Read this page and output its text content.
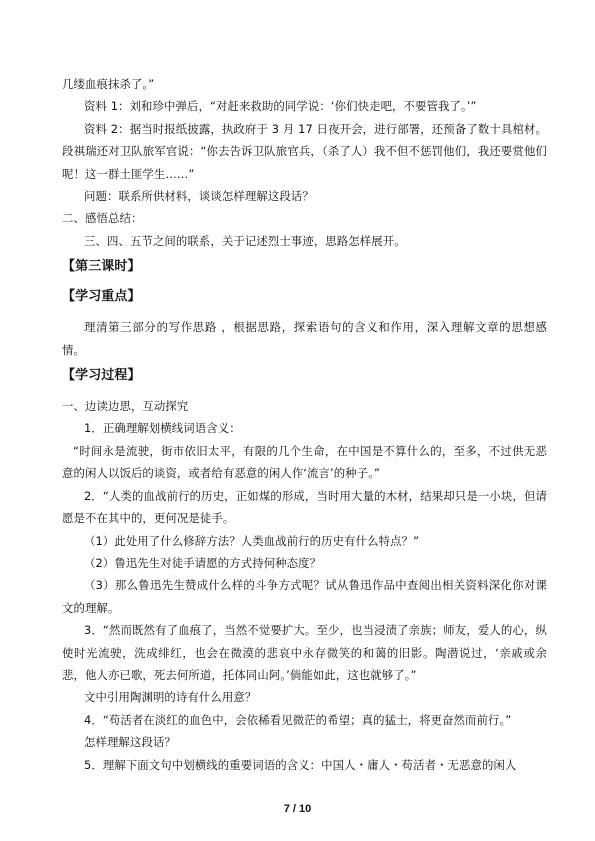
几缕血痕抹杀了。”

资料 1：刘和珍中弹后，“对赶来救助的同学说：‘你们快走吧，不要管我了。’”

资料 2：据当时报纸披露，执政府于 3 月 17 日夜开会，进行部署，还预备了数十具棺材。段祺瑞还对卫队旅军官说：“你去告诉卫队旅官兵，（杀了人）我不但不惩罚他们，我还要赏他们呢！这一群土匪学生……”

问题：联系所供材料，谈谈怎样理解这段话？

二、感悟总结：

三、四、五节之间的联系，关于记述烈士事迹，思路怎样展开。

【第三课时】

【学习重点】

理清第三部分的写作思路 ，根据思路，探索语句的含义和作用，深入理解文章的思想感情。

【学习过程】

一、边读边思，互动探究

1．正确理解划横线词语含义：

“时间永是流驶，街市依旧太平，有限的几个生命，在中国是不算什么的，至多，不过供无恶意的闲人以饭后的谈资，或者给有恶意的闲人作‘流言’的种子。”

2．“人类的血战前行的历史，正如煤的形成，当时用大量的木材，结果却只是一小块，但请愿是不在其中的，更何况是徒手。

（1）此处用了什么修辞方法？人类血战前行的历史有什么特点？”

（2）鲁迅先生对徒手请愿的方式持何种态度？

（3）那么鲁迅先生赞成什么样的斗争方式呢？试从鲁迅作品中查阅出相关资料深化你对课文的理解。

3．“然而既然有了血痕了，当然不觉要扩大。至少，也当浸渍了亲族；师友，爱人的心，纵使时光流驶，洗成绯红，也会在微漠的悲哀中永存微笑的和蔼的旧影。陶潜说过，‘亲戚或余悲，他人亦已歌，死去何所道，托体同山阿。’倘能如此，这也就够了。”

文中引用陶渊明的诗有什么用意？

4．“苟活者在淡红的血色中，会依稀看见微茫的希望；真的猛士，将更奋然而前行。”

怎样理解这段话？

5．理解下面文句中划横线的重要词语的含义：中国人・庸人・苟活者・无恶意的闲人

7 / 10
